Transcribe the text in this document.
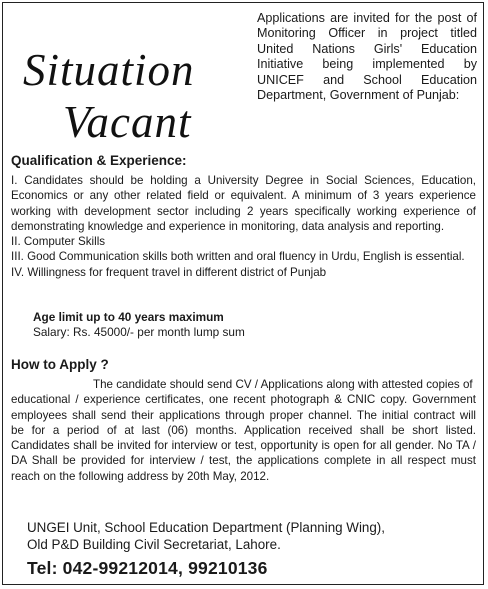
Situation
Vacant
Applications are invited for the post of
Monitoring Officer in project titled
United Nations Girls' Education
Initiative being implemented by
UNICEF and School Education
Department, Government of Punjab:
Qualification & Experience:
I. Candidates should be holding a University Degree in Social Sciences, Education,
Economics or any other related field or equivalent. A minimum of 3 years experience
working with development sector including 2 years specifically working experience of
demonstrating knowledge and experience in monitoring, data analysis and reporting.
II. Computer Skills
III. Good Communication skills both written and oral fluency in Urdu, English is essential.
IV. Willingness for frequent travel in different district of Punjab
Age limit up to 40 years maximum
Salary: Rs. 45000/- per month lump sum
How to Apply ?
The candidate should send CV / Applications along with attested copies of
educational / experience certificates, one recent photograph & CNIC copy. Government
employees shall send their applications through proper channel. The initial contract will
be for a period of at last (06) months. Application received shall be short listed.
Candidates shall be invited for interview or test, opportunity is open for all gender. No TA /
DA Shall be provided for interview / test, the applications complete in all respect must
reach on the following address by 20th May, 2012.
UNGEI Unit, School Education Department (Planning Wing),
Old P&D Building Civil Secretariat, Lahore.
Tel: 042-99212014, 99210136
